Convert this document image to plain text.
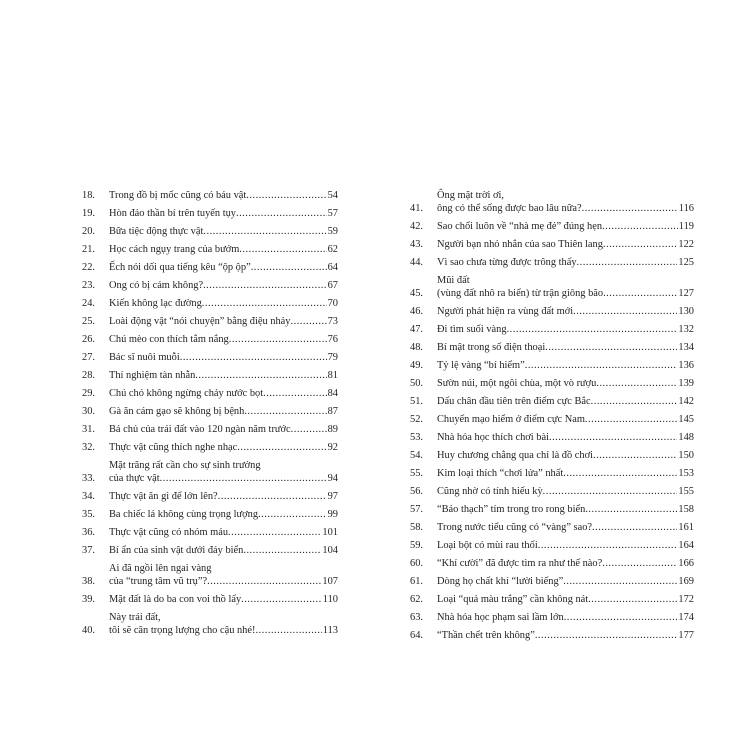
18.	Trong đồ bị mốc cũng có báu vật .....	54
19.	Hòn đảo thần bí trên tuyến tụy .....	57
20.	Bữa tiệc động thực vật .....	59
21.	Học cách ngụy trang của bướm .....	62
22.	Ếch nói dối qua tiếng kêu “ộp ộp” .....	64
23.	Ong có bị cảm không? .....	67
24.	Kiến không lạc đường .....	70
25.	Loài động vật “nói chuyện” bằng điệu nhảy .....	73
26.	Chú mèo con thích tắm nắng .....	76
27.	Bác sĩ nuôi muỗi .....	79
28.	Thí nghiệm tàn nhẫn .....	81
29.	Chú chó không ngừng chảy nước bọt .....	84
30.	Gà ăn cám gạo sẽ không bị bệnh .....	87
31.	Bá chủ của trái đất vào 120 ngàn năm trước .....	89
32.	Thực vật cũng thích nghe nhạc .....	92
33.
Mặt trăng rất cần cho sự sinh trưởng
của thực vật .....	94
34.	Thực vật ăn gì để lớn lên? .....	97
35.	Ba chiếc lá không cùng trọng lượng .....	99
36.	Thực vật cũng có nhóm máu .....	101
37.	Bí ẩn của sinh vật dưới đáy biển .....	104
38.
Ai đã ngồi lên ngai vàng
của “trung tâm vũ trụ”? .....	107
39.	Mặt đất là do ba con voi thồ lấy .....	110
40.
Này trái đất,
tôi sẽ cân trọng lượng cho cậu nhé! .....	113
41.
Ông mặt trời ơi,
ông có thể sống được bao lâu nữa? .....	116
42.	Sao chổi luôn về “nhà mẹ đẻ” đúng hẹn .....	119
43.	Người bạn nhỏ nhắn của sao Thiên lang .....	122
44.	Vì sao chưa từng được trông thấy .....	125
45.
Mũi đất
(vùng đất nhô ra biển) từ trận giông bão .....	127
46.	Người phát hiện ra vùng đất mới .....	130
47.	Đi tìm suối vàng .....	132
48.	Bí mật trong số điện thoại .....	134
49.	Tỷ lệ vàng “bí hiểm” .....	136
50.	Sườn núi, một ngôi chùa, một vò rượu .....	139
51.	Dấu chân đầu tiên trên điểm cực Bắc .....	142
52.	Chuyến mạo hiểm ở điểm cực Nam .....	145
53.	Nhà hóa học thích chơi bài .....	148
54.	Huy chương chẳng qua chỉ là đồ chơi .....	150
55.	Kim loại thích “chơi lửa” nhất .....	153
56.	Cũng nhờ có tính hiếu kỳ .....	155
57.	“Bảo thạch” tím trong tro rong biển .....	158
58.	Trong nước tiểu cũng có “vàng” sao? .....	161
59.	Loại bột có mùi rau thối .....	164
60.	“Khí cười” đã được tìm ra như thế nào? .....	166
61.	Dòng họ chất khí “lười biếng” .....	169
62.	Loại “quả màu trắng” cần không nát .....	172
63.	Nhà hóa học phạm sai lầm lớn .....	174
64.	“Thần chết trên không” .....	177
